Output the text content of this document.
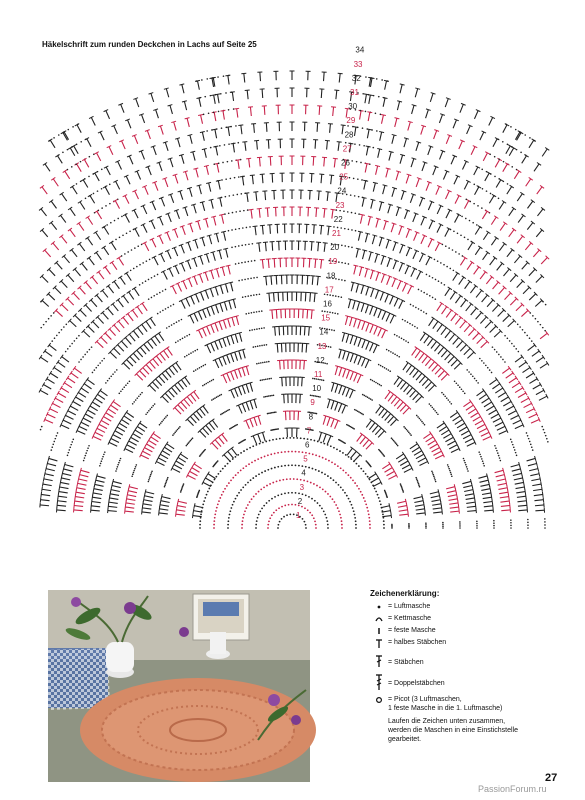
Häkelschrift zum runden Deckchen in Lachs auf Seite 25
1
2
3
4
5
6
7
8
9
10
11
12
13
14
15
16
17
18
19
20
21
22
23
24
25
26
27
28
29
30
31
32
33
34
Zeichenerklärung:
= Luftmasche
= Kettmasche
= feste Masche
= halbes Stäbchen
= Stäbchen
= Doppelstäbchen
= Picot (3 Luftmaschen,
1 feste Masche in die 1. Luftmasche)
Laufen die Zeichen unten zusammen, werden die Maschen in eine Einstichstelle gearbeitet.
27
PassionForum.ru
